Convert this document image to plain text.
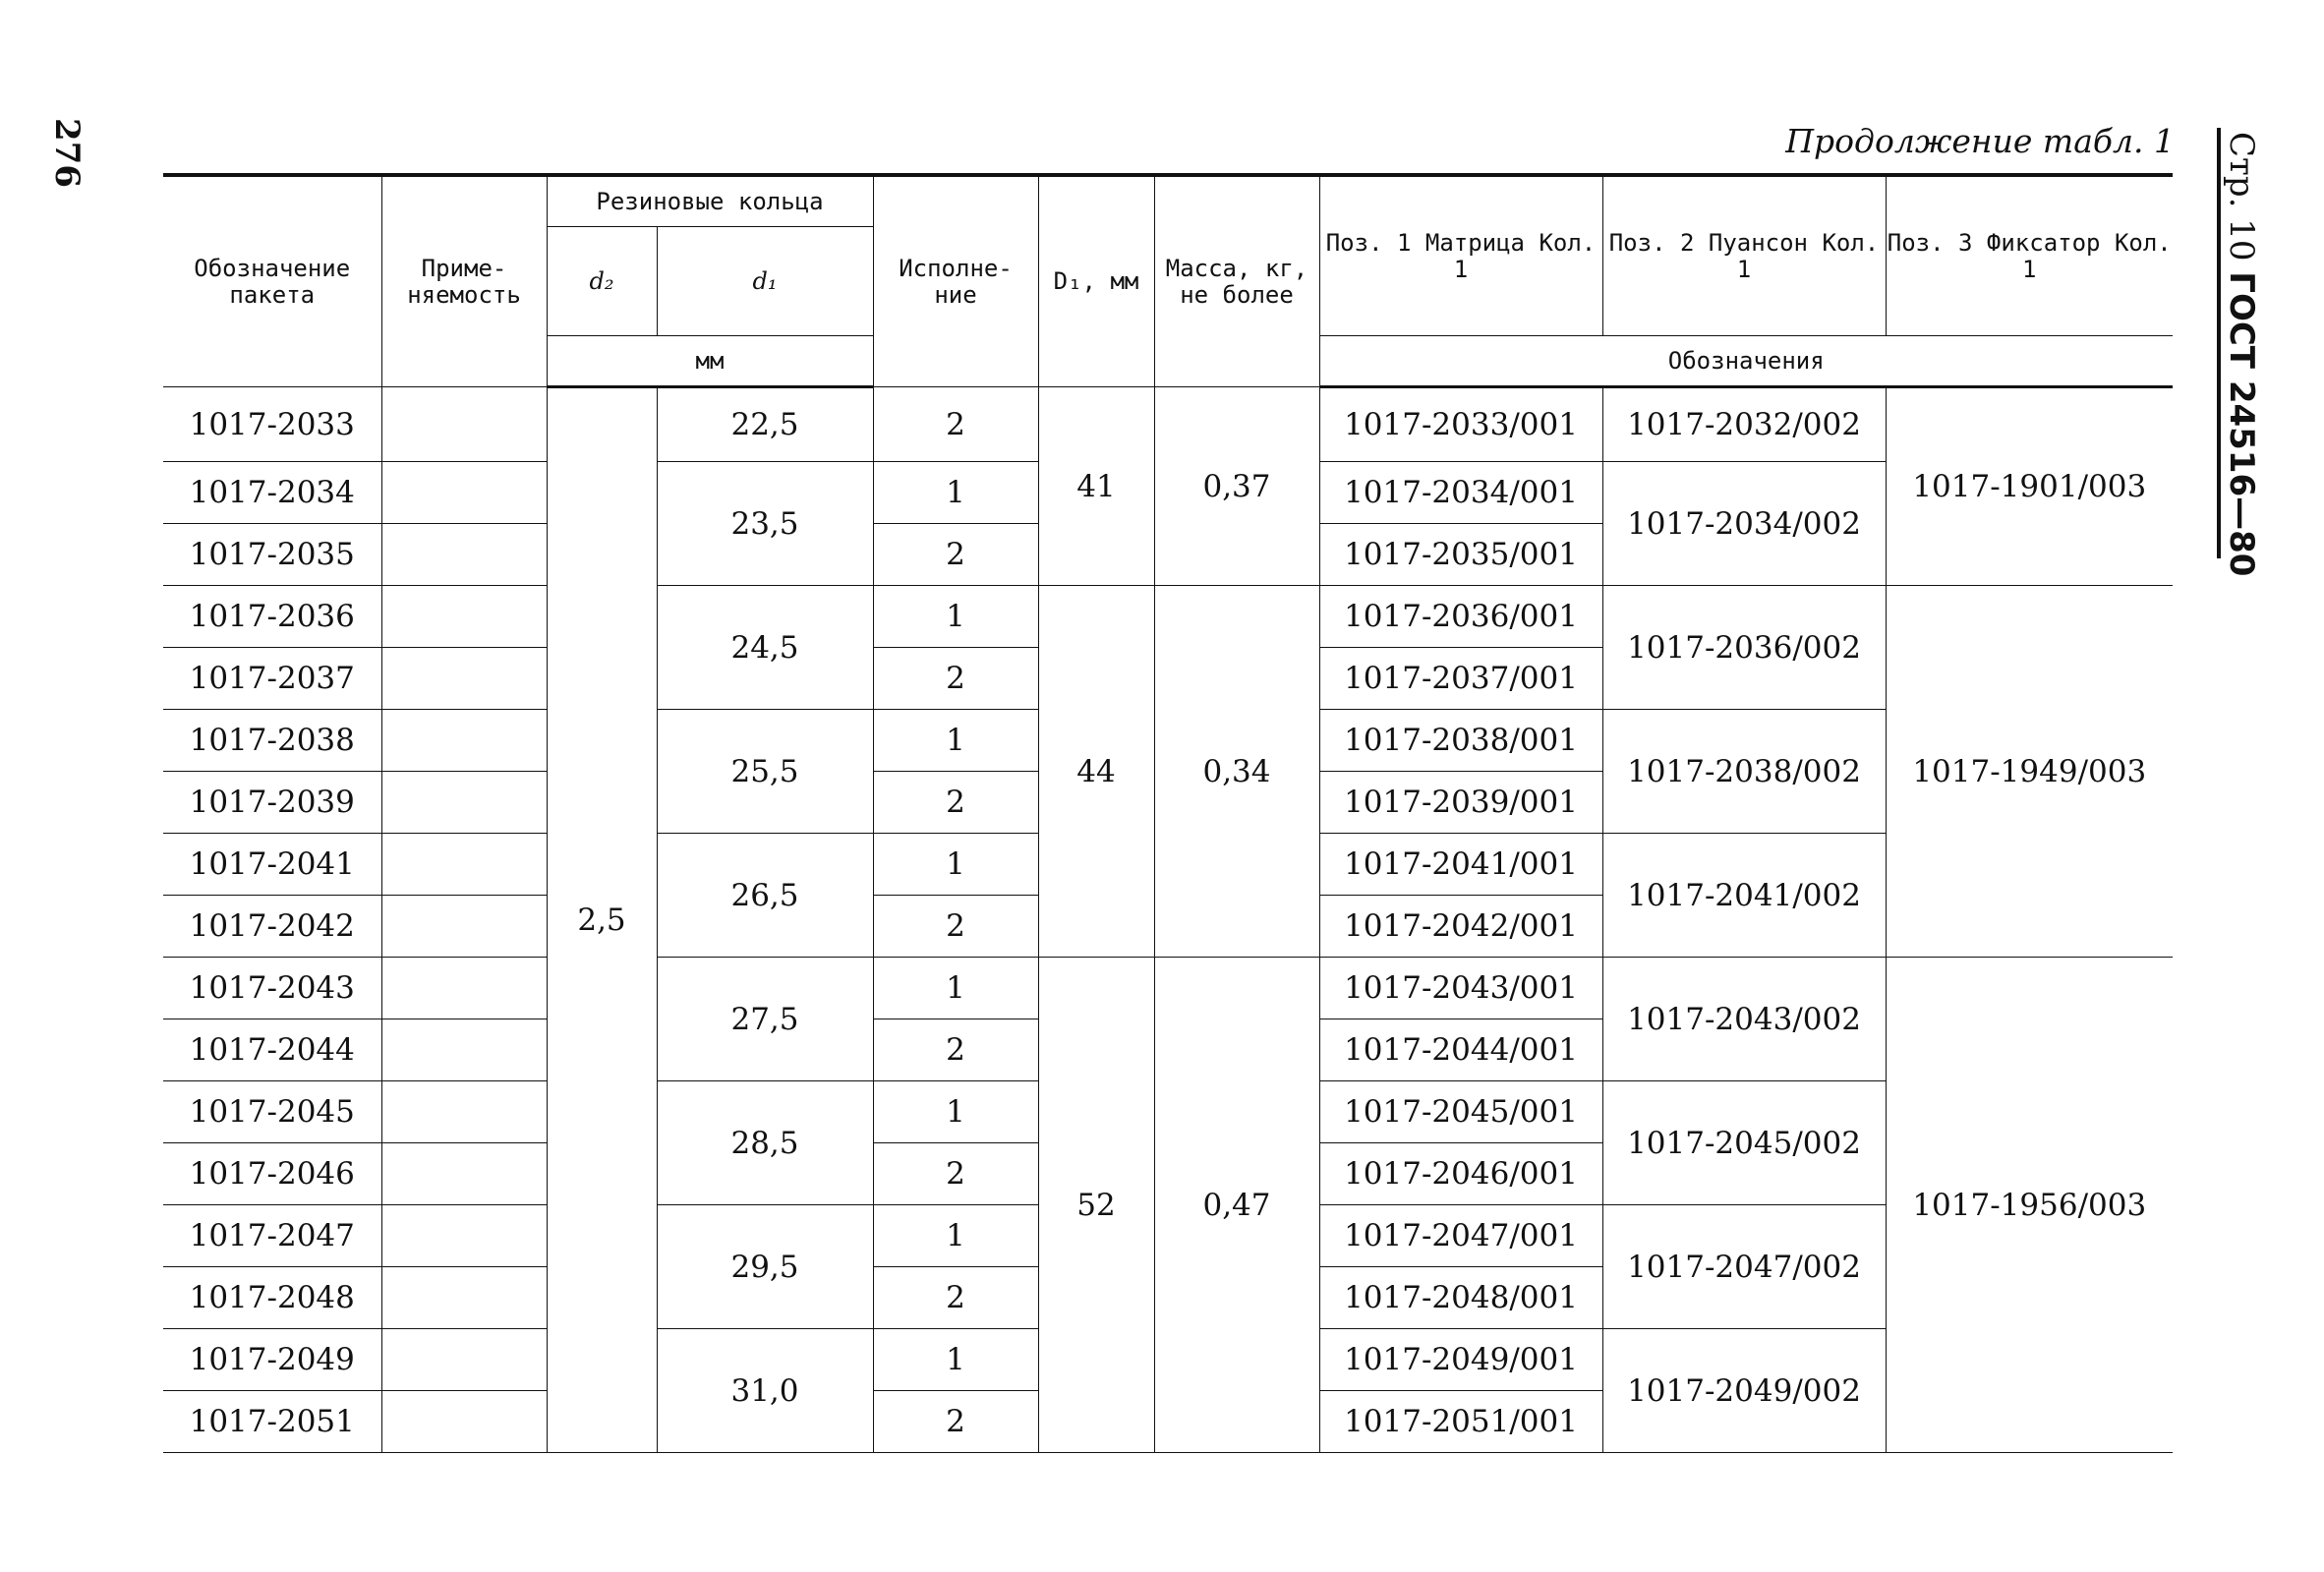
276	Стр. 10 ГОСТ 24516—80
Продолжение табл. 1
Обозначение пакета	Приме- няемость	Резиновые кольца		Исполне- ние	D₁, мм	Масса, кг, не более	Поз. 1 Матрица Кол. 1	Поз. 2 Пуансон Кол. 1	Поз. 3 Фиксатор Кол. 1
		d₂	d₁						
		мм					Обозначения		
1017-2033		2,5	22,5	2	41	0,37	1017-2033/001	1017-2032/002	1017-1901/003
1017-2034			23,5	1			1017-2034/001	1017-2034/002	
1017-2035				2			1017-2035/001		
1017-2036			24,5	1	44	0,34	1017-2036/001	1017-2036/002	1017-1949/003
1017-2037				2			1017-2037/001		
1017-2038			25,5	1			1017-2038/001	1017-2038/002	
1017-2039				2			1017-2039/001		
1017-2041			26,5	1			1017-2041/001	1017-2041/002	
1017-2042				2			1017-2042/001		
1017-2043			27,5	1	52	0,47	1017-2043/001	1017-2043/002	1017-1956/003
1017-2044				2			1017-2044/001		
1017-2045			28,5	1			1017-2045/001	1017-2045/002	
1017-2046				2			1017-2046/001		
1017-2047			29,5	1			1017-2047/001	1017-2047/002	
1017-2048				2			1017-2048/001		
1017-2049			31,0	1			1017-2049/001	1017-2049/002	
1017-2051				2			1017-2051/001		
